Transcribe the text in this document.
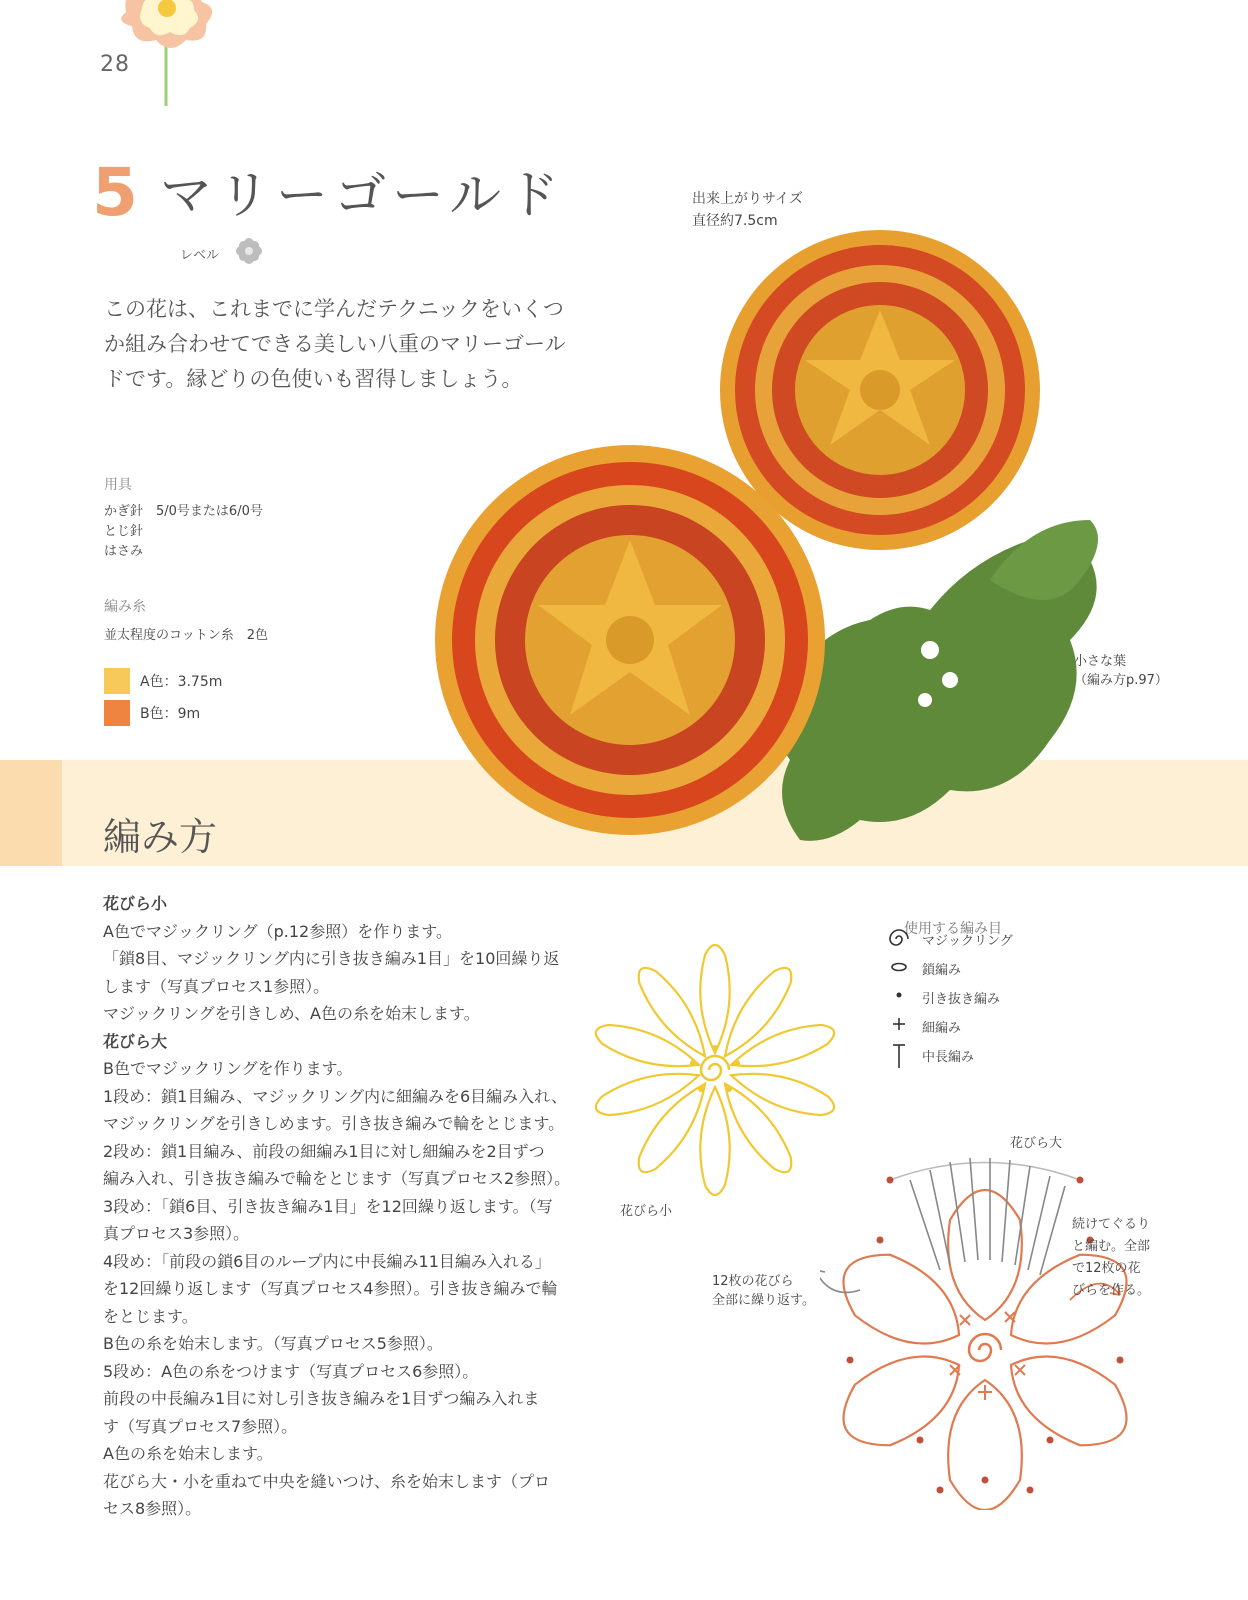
28
5 マリーゴールド
レベル

この花は、これまでに学んだテクニックをいくつ

か組み合わせてできる美しい八重のマリーゴール

ドです。縁どりの色使いも習得しましょう。

出来上がりサイズ
直径約7.5cm
用具
かぎ針　5/0号または6/0号
とじ針
はさみ
編み糸
並太程度のコットン糸　2色
A色：3.75m
B色：9m
編み方
小さな葉
（編み方p.97）
花びら小
A色でマジックリング（p.12参照）を作ります。
「鎖8目、マジックリング内に引き抜き編み1目」を10回繰り返
します（写真プロセス1参照）。
マジックリングを引きしめ、A色の糸を始末します。
花びら大
B色でマジックリングを作ります。
1段め：鎖1目編み、マジックリング内に細編みを6目編み入れ、
マジックリングを引きしめます。引き抜き編みで輪をとじます。
2段め：鎖1目編み、前段の細編み1目に対し細編みを2目ずつ
編み入れ、引き抜き編みで輪をとじます（写真プロセス2参照）。
3段め：「鎖6目、引き抜き編み1目」を12回繰り返します。（写
真プロセス3参照）。
4段め：「前段の鎖6目のループ内に中長編み11目編み入れる」
を12回繰り返します（写真プロセス4参照）。引き抜き編みで輪
をとじます。
B色の糸を始末します。（写真プロセス5参照）。
5段め：A色の糸をつけます（写真プロセス6参照）。
前段の中長編み1目に対し引き抜き編みを1目ずつ編み入れま
す（写真プロセス7参照）。
A色の糸を始末します。
花びら大・小を重ねて中央を縫いつけ、糸を始末します（プロ
セス8参照）。
花びら小
使用する編み目
マジックリング
鎖編み
引き抜き編み
細編み
中長編み
花びら大
12枚の花びら
全部に繰り返す。
続けてぐるり
と編む。全部
で12枚の花
びらを作る。
